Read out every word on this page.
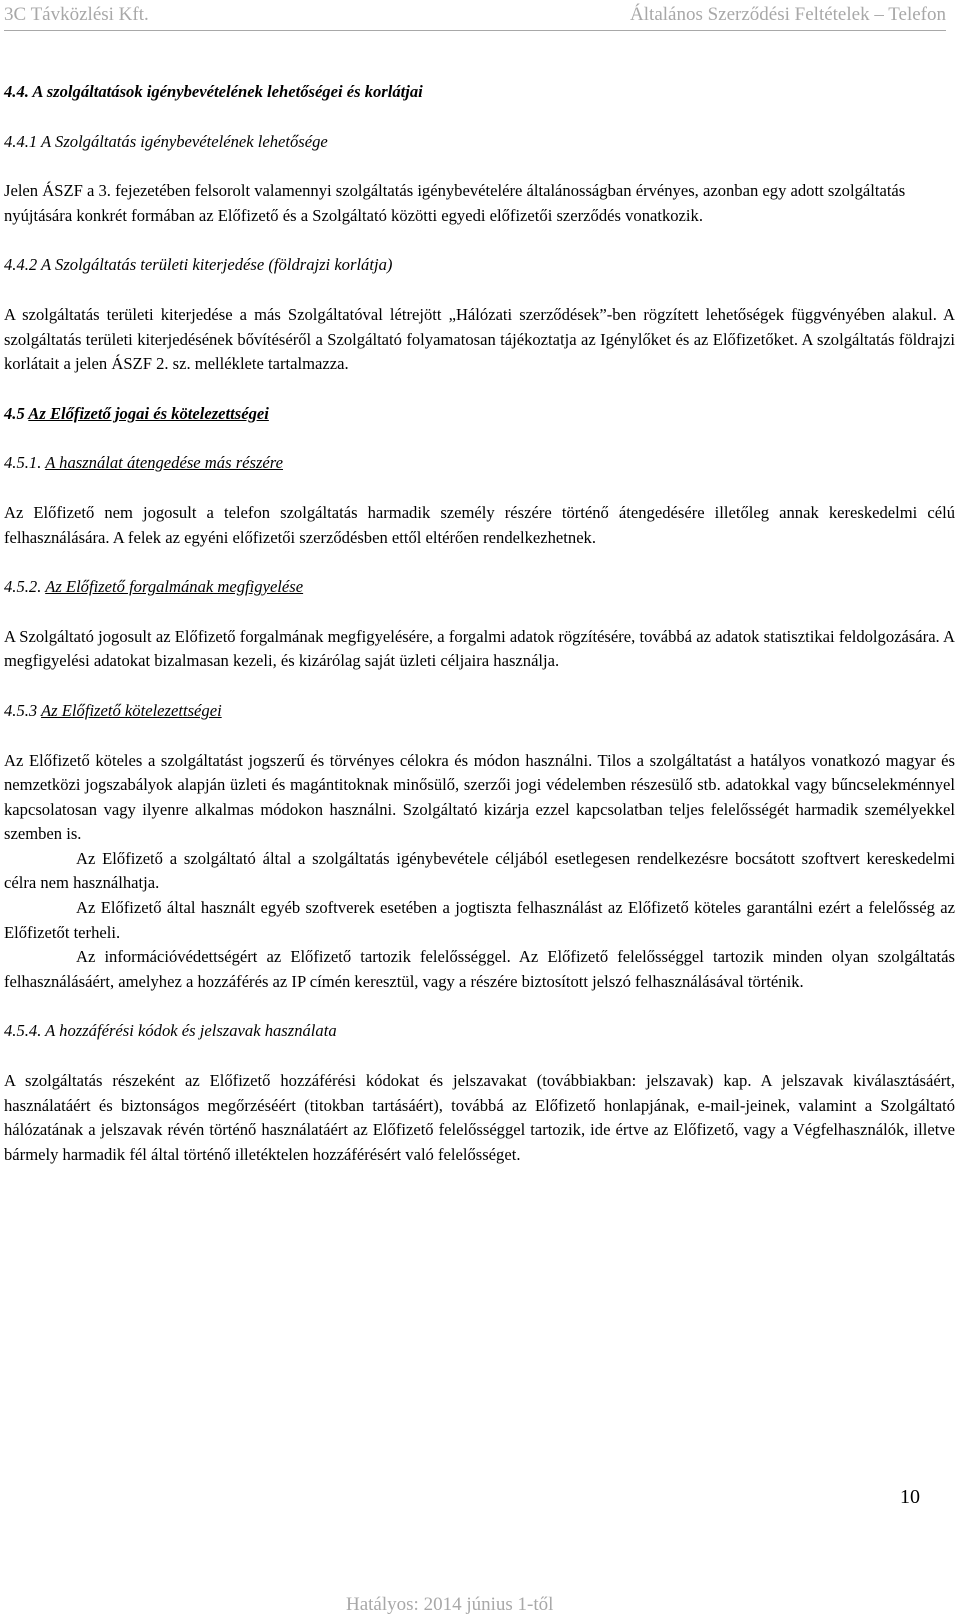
3C Távközlési Kft.	Általános Szerződési Feltételek – Telefon

4.4. A szolgáltatások igénybevételének lehetőségei és korlátjai

4.4.1 A Szolgáltatás igénybevételének lehetősége

Jelen ÁSZF a 3. fejezetében felsorolt valamennyi szolgáltatás igénybevételére általánosságban érvényes, azonban egy adott szolgáltatás nyújtására konkrét formában az Előfizető és a Szolgáltató közötti egyedi előfizetői szerződés vonatkozik.

4.4.2 A Szolgáltatás területi kiterjedése (földrajzi korlátja)

A szolgáltatás területi kiterjedése a más Szolgáltatóval létrejött „Hálózati szerződések”-ben rögzített lehetőségek függvényében alakul. A szolgáltatás területi kiterjedésének bővítéséről a Szolgáltató folyamatosan tájékoztatja az Igénylőket és az Előfizetőket. A szolgáltatás földrajzi korlátait a jelen ÁSZF 2. sz. melléklete tartalmazza.

4.5 Az Előfizető jogai és kötelezettségei

4.5.1. A használat átengedése más részére

Az Előfizető nem jogosult a telefon szolgáltatás harmadik személy részére történő átengedésére illetőleg annak kereskedelmi célú felhasználására. A felek az egyéni előfizetői szerződésben ettől eltérően rendelkezhetnek.

4.5.2. Az Előfizető forgalmának megfigyelése

A Szolgáltató jogosult az Előfizető forgalmának megfigyelésére, a forgalmi adatok rögzítésére, továbbá az adatok statisztikai feldolgozására. A megfigyelési adatokat bizalmasan kezeli, és kizárólag saját üzleti céljaira használja.

4.5.3 Az Előfizető kötelezettségei

Az Előfizető köteles a szolgáltatást jogszerű és törvényes célokra és módon használni. Tilos a szolgáltatást a hatályos vonatkozó magyar és nemzetközi jogszabályok alapján üzleti és magántitoknak minősülő, szerzői jogi védelemben részesülő stb. adatokkal vagy bűncselekménnyel kapcsolatosan vagy ilyenre alkalmas módokon használni. Szolgáltató kizárja ezzel kapcsolatban teljes felelősségét harmadik személyekkel szemben is.

Az Előfizető a szolgáltató által a szolgáltatás igénybevétele céljából esetlegesen rendelkezésre bocsátott szoftvert kereskedelmi célra nem használhatja.

Az Előfizető által használt egyéb szoftverek esetében a jogtiszta felhasználást az Előfizető köteles garantálni ezért a felelősség az Előfizetőt terheli.

Az információvédettségért az Előfizető tartozik felelősséggel. Az Előfizető felelősséggel tartozik minden olyan szolgáltatás felhasználásáért, amelyhez a hozzáférés az IP címén keresztül, vagy a részére biztosított jelszó felhasználásával történik.

4.5.4. A hozzáférési kódok és jelszavak használata

A szolgáltatás részeként az Előfizető hozzáférési kódokat és jelszavakat (továbbiakban: jelszavak) kap. A jelszavak kiválasztásáért, használatáért és biztonságos megőrzéséért (titokban tartásáért), továbbá az Előfizető honlapjának, e-mail-jeinek, valamint a Szolgáltató hálózatának a jelszavak révén történő használatáért az Előfizető felelősséggel tartozik, ide értve az Előfizető, vagy a Végfelhasználók, illetve bármely harmadik fél által történő illetéktelen hozzáférésért való felelősséget.

10
Hatályos: 2014 június 1-től
